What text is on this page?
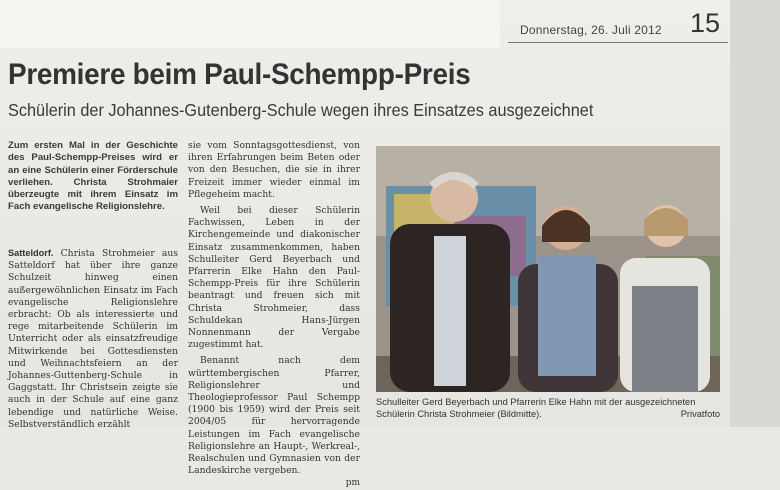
Donnerstag, 26. Juli 2012 15
Premiere beim Paul-Schempp-Preis
Schülerin der Johannes-Gutenberg-Schule wegen ihres Einsatzes ausgezeichnet
Zum ersten Mal in der Geschichte des Paul-Schempp-Preises wird er an eine Schülerin einer Förderschule verliehen. Christa Strohmaier überzeugte mit ihrem Einsatz im Fach evangelische Religionslehre.

Satteldorf. Christa Strohmeier aus Satteldorf hat über ihre ganze Schulzeit hinweg einen außergewöhnlichen Einsatz im Fach evangelische Religionslehre erbracht: Ob als interessierte und rege mitarbeitende Schülerin im Unterricht oder als einsatzfreudige Mitwirkende bei Gottesdiensten und Weihnachtsfeiern an der Johannes-Guttenberg-Schule in Gaggstatt. Ihr Christsein zeigte sie auch in der Schule auf eine ganz lebendige und natürliche Weise. Selbstverständlich erzählt

sie vom Sonntagsgottesdienst, von ihren Erfahrungen beim Beten oder von den Besuchen, die sie in ihrer Freizeit immer wieder einmal im Pflegeheim macht.

Weil bei dieser Schülerin Fachwissen, Leben in der Kirchengemeinde und diakonischer Einsatz zusammenkommen, haben Schulleiter Gerd Beyerbach und Pfarrerin Elke Hahn den Paul-Schempp-Preis für ihre Schülerin beantragt und freuen sich mit Christa Strohmeier, dass Schuldekan Hans-Jürgen Nonnenmann der Vergabe zugestimmt hat.

Benannt nach dem württembergischen Pfarrer, Religionslehrer und Theologieprofessor Paul Schempp (1900 bis 1959) wird der Preis seit 2004/05 für hervorragende Leistungen im Fach evangelische Religionslehre an Haupt-, Werkreal-, Realschulen und Gymnasien von der Landeskirche vergeben.

pm
Schulleiter Gerd Beyerbach und Pfarrerin Elke Hahn mit der ausgezeichneten Schülerin Christa Strohmeier (Bildmitte).	Privatfoto
